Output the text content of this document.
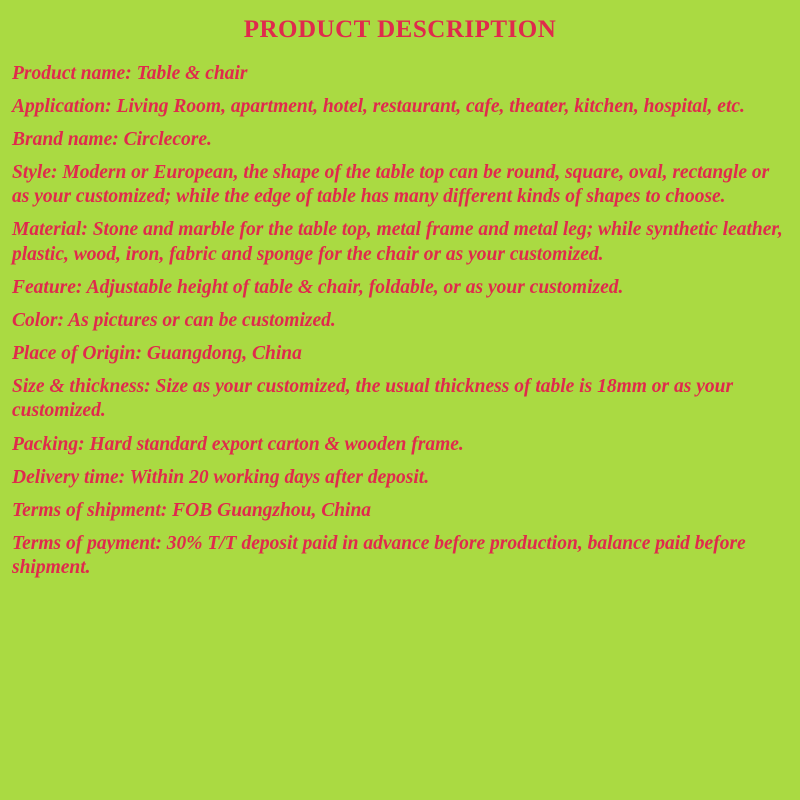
PRODUCT DESCRIPTION
Product name: Table & chair
Application: Living Room, apartment, hotel, restaurant, cafe, theater, kitchen, hospital, etc.
Brand name: Circlecore.
Style: Modern or European, the shape of the table top can be round, square, oval, rectangle or as your customized; while the edge of table has many different kinds of shapes to choose.
Material: Stone and marble for the table top, metal frame and metal leg; while synthetic leather, plastic, wood, iron, fabric and sponge for the chair or as your customized.
Feature: Adjustable height of table & chair, foldable, or as your customized.
Color: As pictures or can be customized.
Place of Origin: Guangdong, China
Size & thickness: Size as your customized, the usual thickness of table is 18mm or as your customized.
Packing: Hard standard export carton & wooden frame.
Delivery time: Within 20 working days after deposit.
Terms of shipment: FOB Guangzhou, China
Terms of payment: 30% T/T deposit paid in advance before production, balance paid before shipment.
